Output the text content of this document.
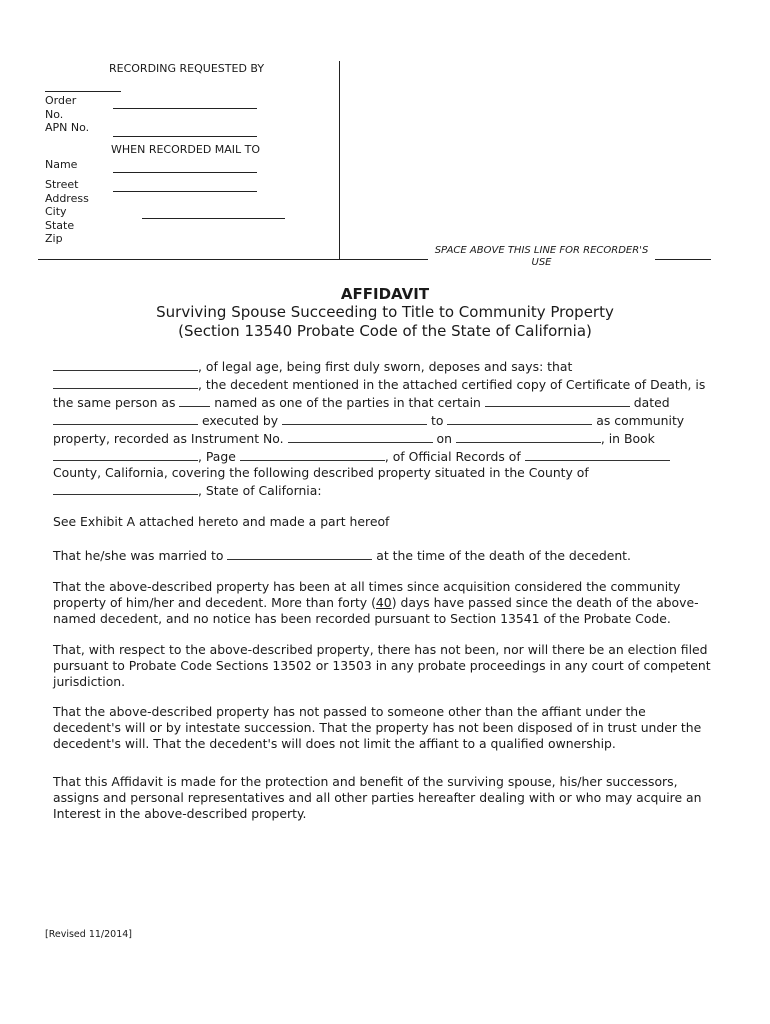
RECORDING REQUESTED BY
Order
No.
APN No.
WHEN RECORDED MAIL TO
Name
Street
Address
City
State
Zip
SPACE ABOVE THIS LINE FOR RECORDER'S
USE
AFFIDAVIT
Surviving Spouse Succeeding to Title to Community Property
(Section 13540 Probate Code of the State of California)
, of legal age, being first duly sworn, deposes and says: that
, the decedent mentioned in the attached certified copy of Certificate of Death, is
the same person as	named as one of the parties in that certain	dated
executed by	to	as community
property, recorded as Instrument No.	on	, in Book
, Page	, of Official Records of
County, California, covering the following described property situated in the County of
, State of California:
See Exhibit A attached hereto and made a part hereof
That he/she was married to	at the time of the death of the decedent.
That the above-described property has been at all times since acquisition considered the community
property of him/her and decedent. More than forty (40) days have passed since the death of the above-
named decedent, and no notice has been recorded pursuant to Section 13541 of the Probate Code.
That, with respect to the above-described property, there has not been, nor will there be an election filed
pursuant to Probate Code Sections 13502 or 13503 in any probate proceedings in any court of competent
jurisdiction.
That the above-described property has not passed to someone other than the affiant under the
decedent's will or by intestate succession. That the property has not been disposed of in trust under the
decedent's will. That the decedent's will does not limit the affiant to a qualified ownership.
That this Affidavit is made for the protection and benefit of the surviving spouse, his/her successors,
assigns and personal representatives and all other parties hereafter dealing with or who may acquire an
Interest in the above-described property.
[Revised 11/2014]
